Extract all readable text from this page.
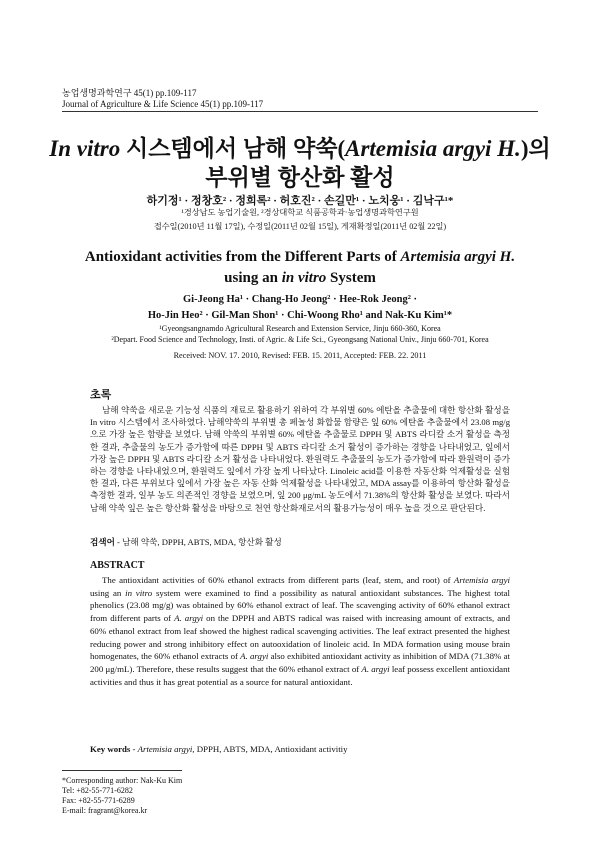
농업생명과학연구 45(1) pp.109-117
Journal of Agriculture & Life Science 45(1) pp.109-117
In vitro 시스템에서 남해 약쑥(Artemisia argyi H.)의
부위별 항산화 활성
하기정¹ · 정창호² · 정희록² · 허호진² · 손길만¹ · 노치웅¹ · 김낙구¹*
¹경상남도 농업기술원, ²경상대학교 식품공학과·농업생명과학연구원
접수일(2010년 11월 17일), 수정일(2011년 02월 15일), 게재확정일(2011년 02월 22일)
Antioxidant activities from the Different Parts of Artemisia argyi H.
using an in vitro System
Gi-Jeong Ha¹ · Chang-Ho Jeong² · Hee-Rok Jeong² ·
Ho-Jin Heo² · Gil-Man Shon¹ · Chi-Woong Rho¹ and Nak-Ku Kim¹*
¹Gyeongsangnamdo Agricultural Research and Extension Service, Jinju 660-360, Korea
²Depart. Food Science and Technology, Insti. of Agric. & Life Sci., Gyeongsang National Univ., Jinju 660-701, Korea
Received: NOV. 17. 2010, Revised: FEB. 15. 2011, Accepted: FEB. 22. 2011
초록
남해 약쑥을 새로운 기능성 식품의 재료로 활용하기 위하여 각 부위별 60% 에탄올 추출물에 대한 항산화 활성을 In vitro 시스템에서 조사하였다. 남해약쑥의 부위별 총 페놀성 화합물 함량은 잎 60% 에탄올 추출물에서 23.08 mg/g으로 가장 높은 함량을 보였다. 남해 약쑥의 부위별 60% 에탄올 추출물로 DPPH 및 ABTS 라디칼 소거 활성을 측정한 결과, 추출물의 농도가 증가함에 따른 DPPH 및 ABTS 라디칼 소거 활성이 증가하는 경향을 나타내었고, 잎에서 가장 높은 DPPH 및 ABTS 라디칼 소거 활성을 나타내었다. 환원력도 추출물의 농도가 증가함에 따라 환원력이 증가하는 경향을 나타내었으며, 환원력도 잎에서 가장 높게 나타났다. Linoleic acid를 이용한 자동산화 억제활성을 실험한 결과, 다른 부위보다 잎에서 가장 높은 자동 산화 억제활성을 나타내었고, MDA assay를 이용하여 항산화 활성을 측정한 결과, 일부 농도 의존적인 경향을 보였으며, 잎 200 μg/mL 농도에서 71.38%의 항산화 활성을 보였다. 따라서 남해 약쑥 잎은 높은 항산화 활성을 바탕으로 천연 항산화재로서의 활용가능성이 매우 높을 것으로 판단된다.
검색어 - 남해 약쑥, DPPH, ABTS, MDA, 항산화 활성
ABSTRACT
The antioxidant activities of 60% ethanol extracts from different parts (leaf, stem, and root) of Artemisia argyi using an in vitro system were examined to find a possibility as natural antioxidant substances. The highest total phenolics (23.08 mg/g) was obtained by 60% ethanol extract of leaf. The scavenging activity of 60% ethanol extract from different parts of A. argyi on the DPPH and ABTS radical was raised with increasing amount of extracts, and 60% ethanol extract from leaf showed the highest radical scavenging activities. The leaf extract presented the highest reducing power and strong inhibitory effect on autooxidation of linoleic acid. In MDA formation using mouse brain homogenates, the 60% ethanol extracts of A. argyi also exhibited antioxidant activity as inhibition of MDA (71.38% at 200 μg/mL). Therefore, these results suggest that the 60% ethanol extract of A. argyi leaf possess excellent antioxidant activities and thus it has great potential as a source for natural antioxidant.
Key words - Artemisia argyi, DPPH, ABTS, MDA, Antioxidant activitiy
*Corresponding author: Nak-Ku Kim
Tel: +82-55-771-6282
Fax: +82-55-771-6289
E-mail: fragrant@korea.kr
